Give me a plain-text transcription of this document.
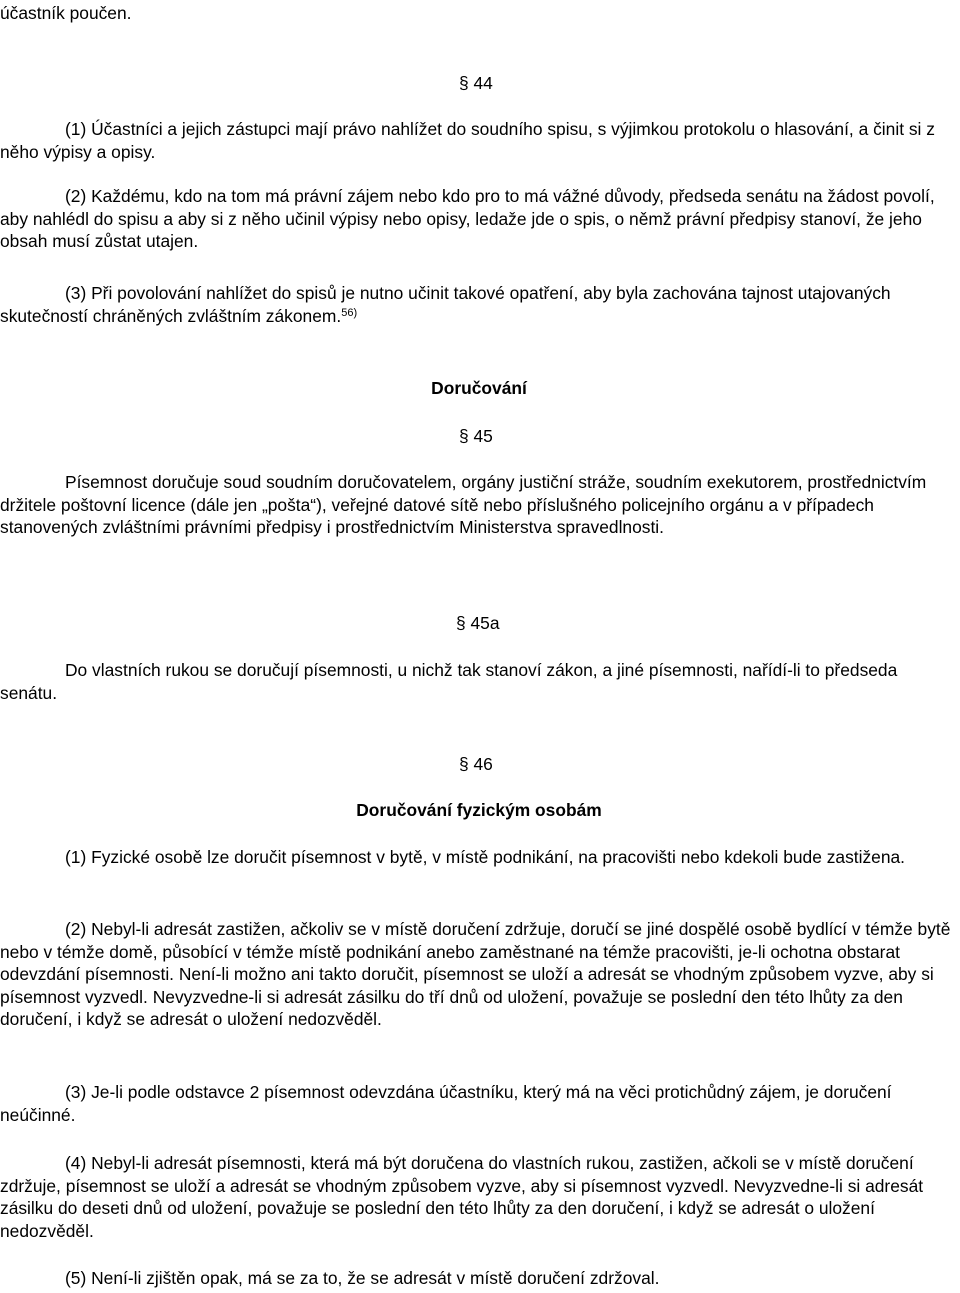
účastník poučen.

§ 44

(1) Účastníci a jejich zástupci mají právo nahlížet do soudního spisu, s výjimkou protokolu o hlasování, a činit si z něho výpisy a opisy.

(2) Každému, kdo na tom má právní zájem nebo kdo pro to má vážné důvody, předseda senátu na žádost povolí, aby nahlédl do spisu a aby si z něho učinil výpisy nebo opisy, ledaže jde o spis, o němž právní předpisy stanoví, že jeho obsah musí zůstat utajen.

(3) Při povolování nahlížet do spisů je nutno učinit takové opatření, aby byla zachována tajnost utajovaných skutečností chráněných zvláštním zákonem.$^{56)}$

Doručování
§ 45

Písemnost doručuje soud soudním doručovatelem, orgány justiční stráže, soudním exekutorem, prostřednictvím držitele poštovní licence (dále jen „pošta“), veřejné datové sítě nebo příslušného policejního orgánu a v případech stanovených zvláštními právními předpisy i prostřednictvím Ministerstva spravedlnosti.

§ 45a

Do vlastních rukou se doručují písemnosti, u nichž tak stanoví zákon, a jiné písemnosti, nařídí-li to předseda senátu.

§ 46
Doručování fyzickým osobám

(1) Fyzické osobě lze doručit písemnost v bytě, v místě podnikání, na pracovišti nebo kdekoli bude zastižena.

(2) Nebyl-li adresát zastižen, ačkoliv se v místě doručení zdržuje, doručí se jiné dospělé osobě bydlící v témže bytě nebo v témže domě, působící v témže místě podnikání anebo zaměstnané na témže pracovišti, je-li ochotna obstarat odevzdání písemnosti. Není-li možno ani takto doručit, písemnost se uloží a adresát se vhodným způsobem vyzve, aby si písemnost vyzvedl. Nevyzvedne-li si adresát zásilku do tří dnů od uložení, považuje se poslední den této lhůty za den doručení, i když se adresát o uložení nedozvěděl.

(3) Je-li podle odstavce 2 písemnost odevzdána účastníku, který má na věci protichůdný zájem, je doručení neúčinné.

(4) Nebyl-li adresát písemnosti, která má být doručena do vlastních rukou, zastižen, ačkoli se v místě doručení zdržuje, písemnost se uloží a adresát se vhodným způsobem vyzve, aby si písemnost vyzvedl. Nevyzvedne-li si adresát zásilku do deseti dnů od uložení, považuje se poslední den této lhůty za den doručení, i když se adresát o uložení nedozvěděl.

(5) Není-li zjištěn opak, má se za to, že se adresát v místě doručení zdržoval.
